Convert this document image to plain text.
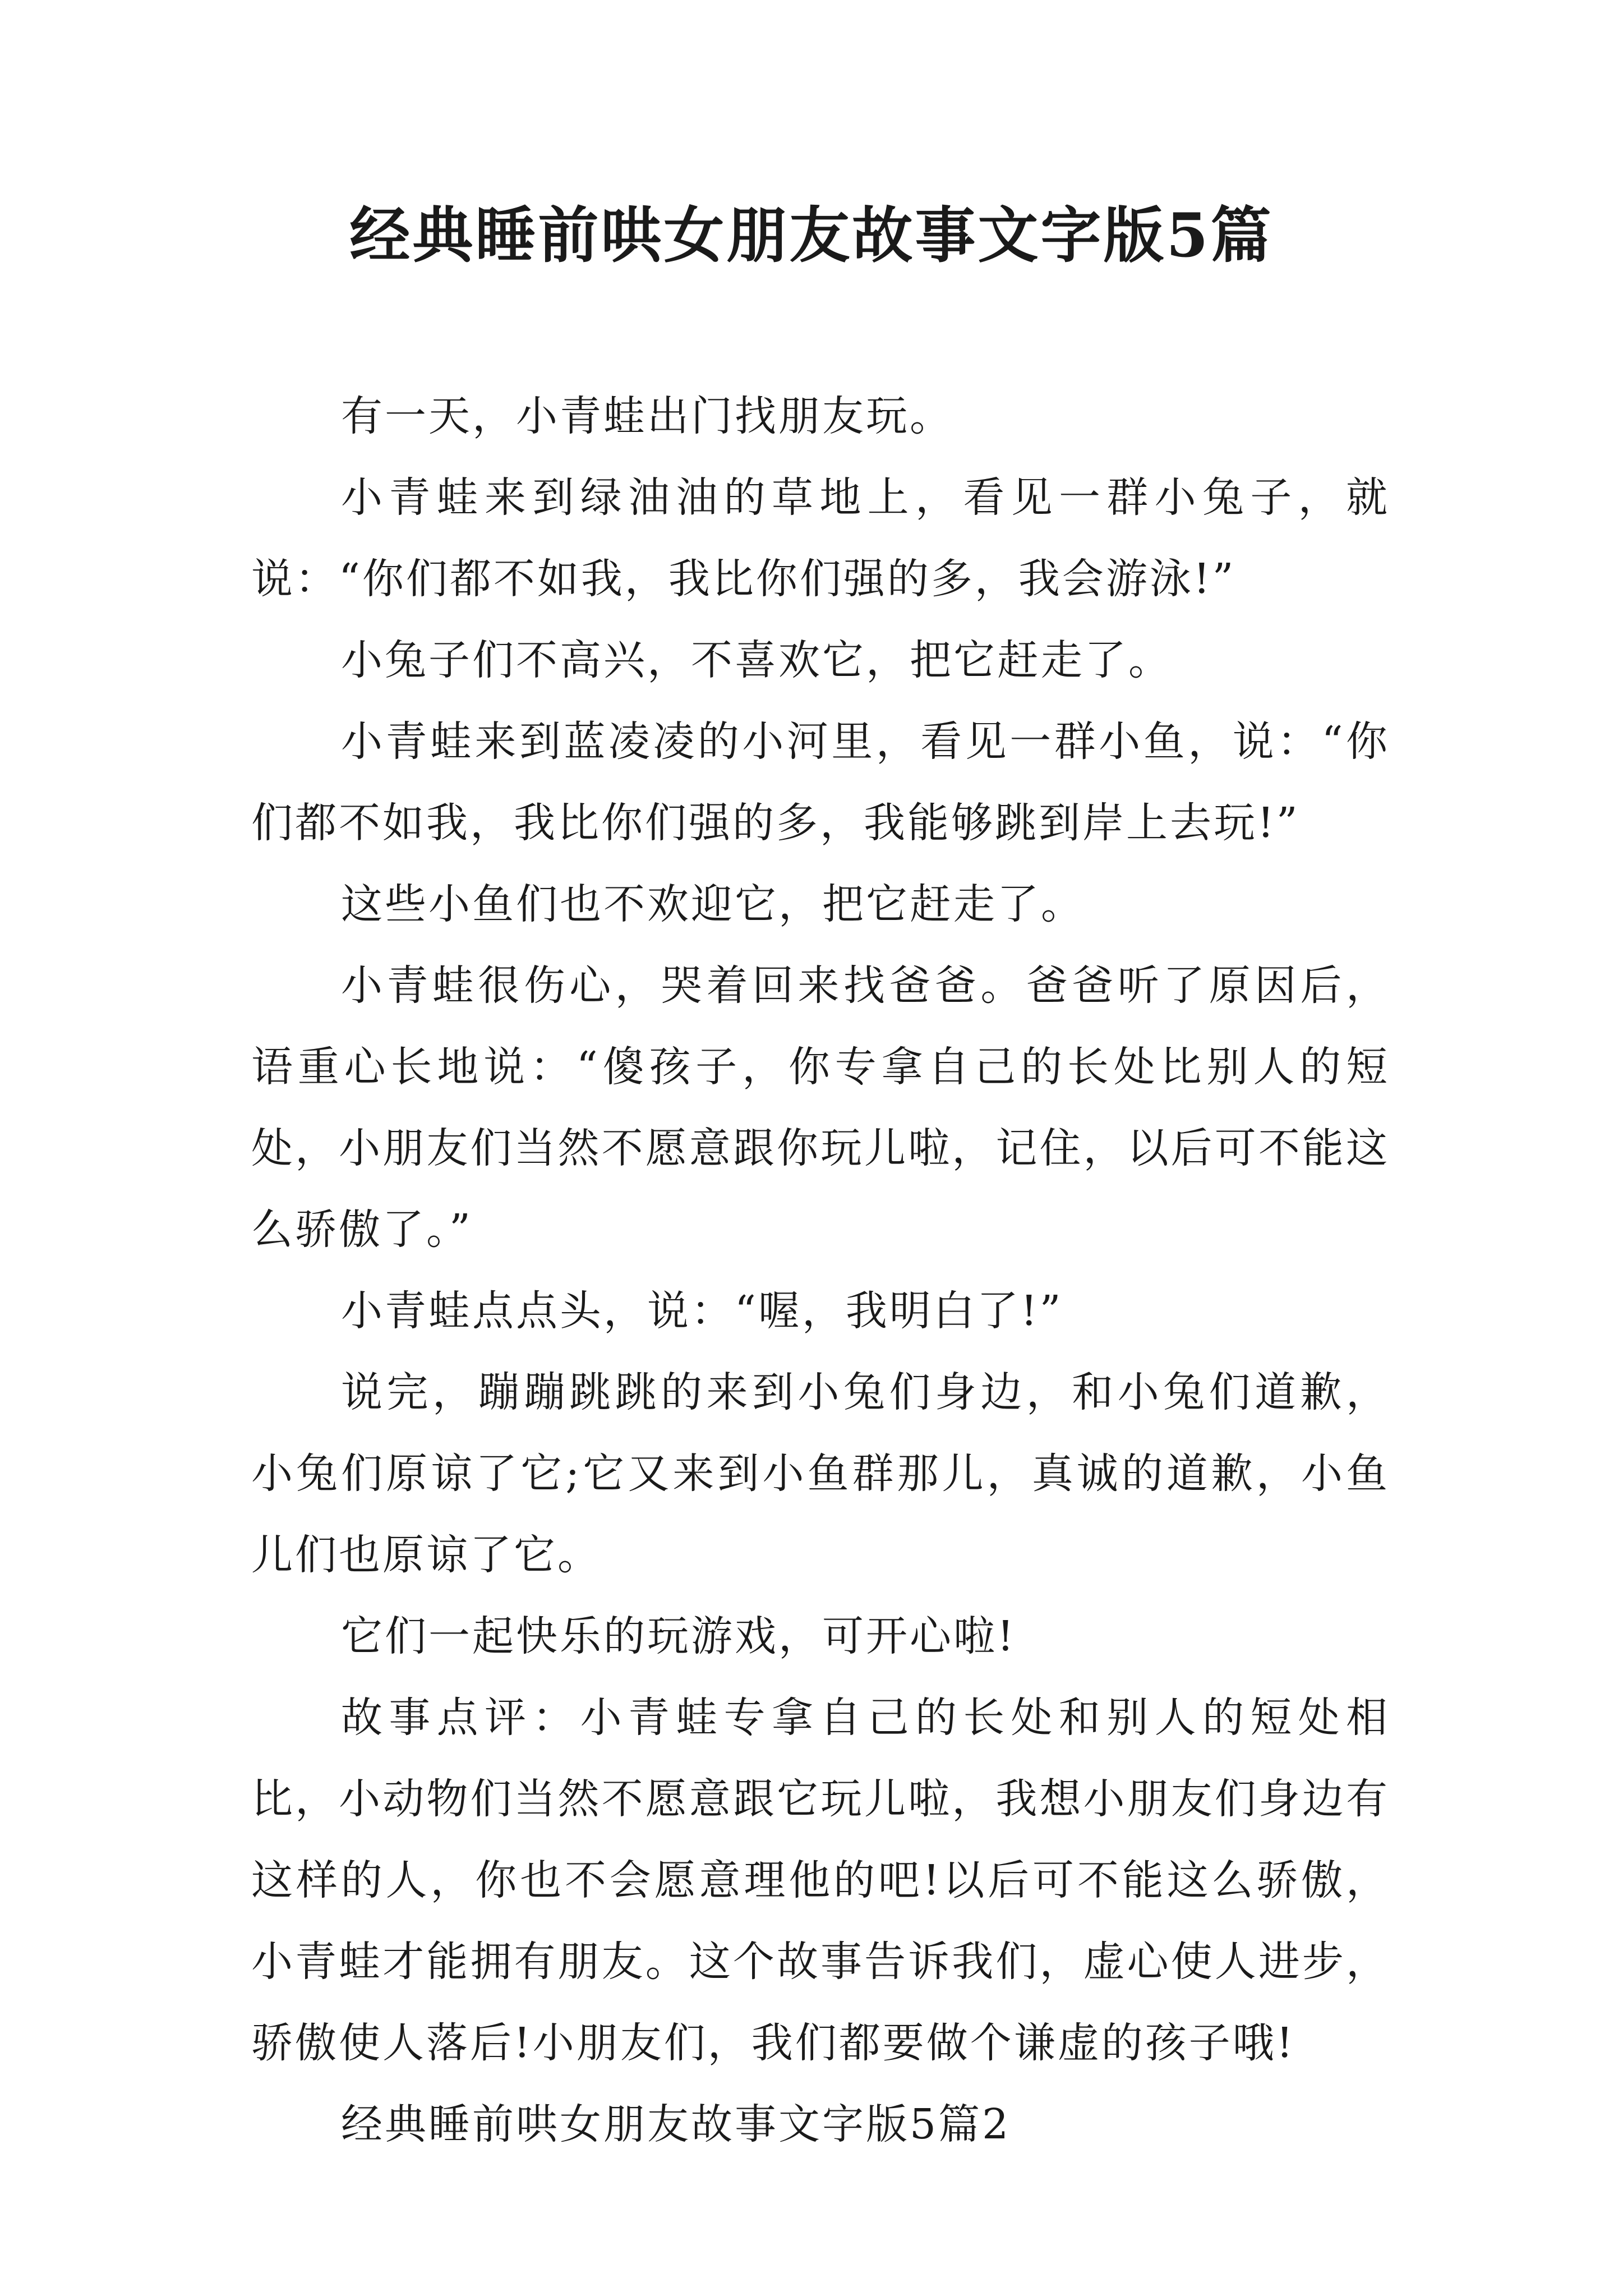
经典睡前哄女朋友故事文字版5篇

有一天，小青蛙出门找朋友玩。

小青蛙来到绿油油的草地上，看见一群小兔子，就说：“你们都不如我，我比你们强的多，我会游泳!”

小兔子们不高兴，不喜欢它，把它赶走了。

小青蛙来到蓝凌凌的小河里，看见一群小鱼，说：“你们都不如我，我比你们强的多，我能够跳到岸上去玩!”

这些小鱼们也不欢迎它，把它赶走了。

小青蛙很伤心，哭着回来找爸爸。爸爸听了原因后，语重心长地说：“傻孩子，你专拿自己的长处比别人的短处，小朋友们当然不愿意跟你玩儿啦，记住，以后可不能这么骄傲了。”

小青蛙点点头，说：“喔，我明白了!”

说完，蹦蹦跳跳的来到小兔们身边，和小兔们道歉，小兔们原谅了它;它又来到小鱼群那儿，真诚的道歉，小鱼儿们也原谅了它。

它们一起快乐的玩游戏，可开心啦!

故事点评：小青蛙专拿自己的长处和别人的短处相比，小动物们当然不愿意跟它玩儿啦，我想小朋友们身边有这样的人，你也不会愿意理他的吧!以后可不能这么骄傲，小青蛙才能拥有朋友。这个故事告诉我们，虚心使人进步，骄傲使人落后!小朋友们，我们都要做个谦虚的孩子哦!

经典睡前哄女朋友故事文字版5篇2
